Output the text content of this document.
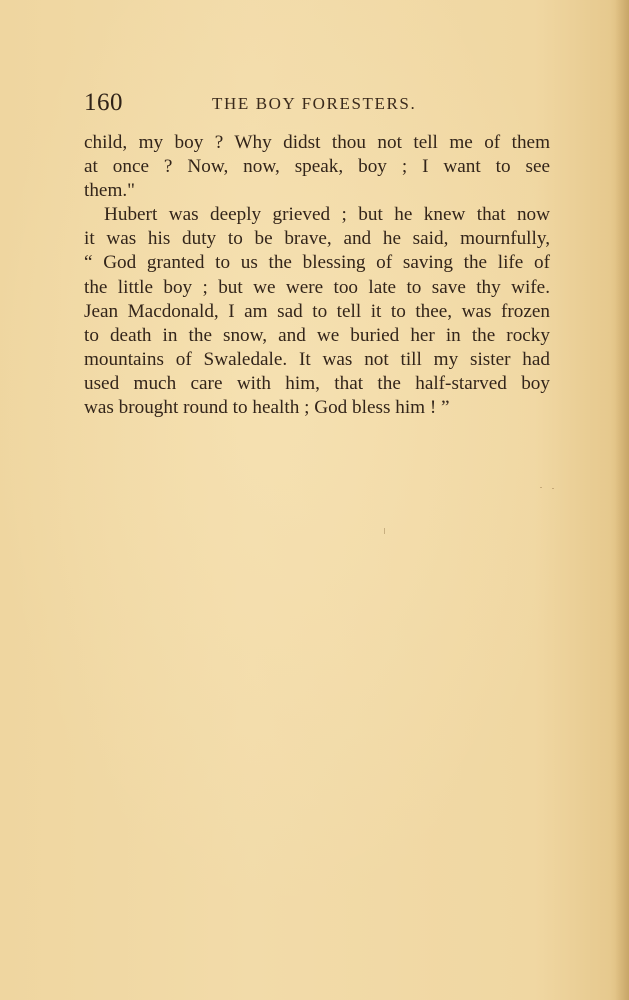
160	THE BOY FORESTERS.

child, my boy ? Why didst thou not tell me of them
at once ? Now, now, speak, boy ; I want to see
them."

Hubert was deeply grieved ; but he knew that now
it was his duty to be brave, and he said, mournfully,
“ God granted to us the blessing of saving the life of
the little boy ; but we were too late to save thy wife.
Jean Macdonald, I am sad to tell it to thee, was frozen
to death in the snow, and we buried her in the rocky
mountains of Swaledale. It was not till my sister had
used much care with him, that the half-starved boy
was brought round to health ; God bless him ! ”
